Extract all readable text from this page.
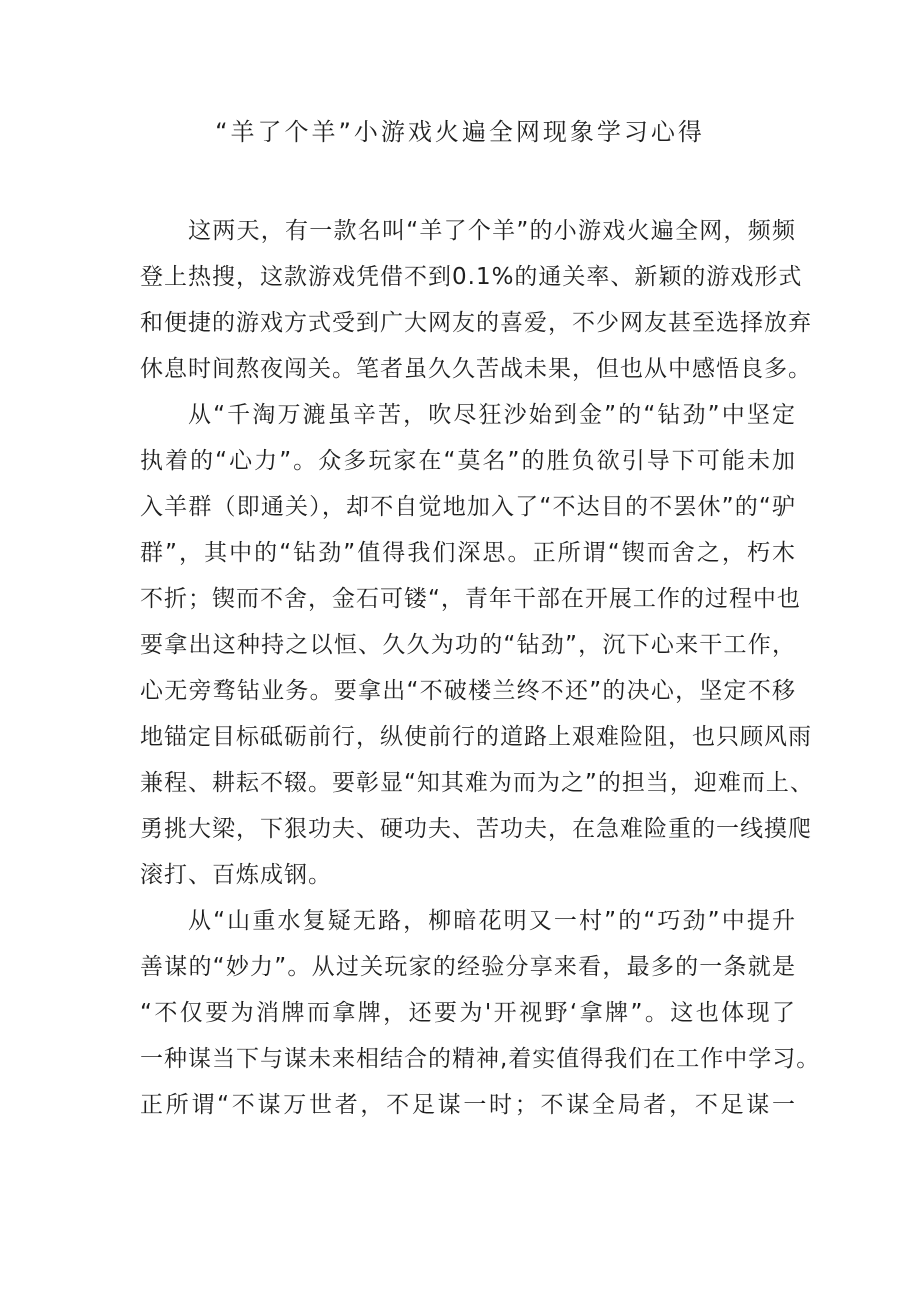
“羊了个羊”小游戏火遍全网现象学习心得
这两天，有一款名叫“羊了个羊”的小游戏火遍全网，频频
登上热搜，这款游戏凭借不到0.1%的通关率、新颖的游戏形式
和便捷的游戏方式受到广大网友的喜爱，不少网友甚至选择放弃
休息时间熬夜闯关。笔者虽久久苦战未果，但也从中感悟良多。
从“千淘万漉虽辛苦，吹尽狂沙始到金”的“钻劲”中坚定
执着的“心力”。众多玩家在“莫名”的胜负欲引导下可能未加
入羊群（即通关），却不自觉地加入了“不达目的不罢休”的“驴
群”，其中的“钻劲”值得我们深思。正所谓“锲而舍之，朽木
不折；锲而不舍，金石可镂“，青年干部在开展工作的过程中也
要拿出这种持之以恒、久久为功的“钻劲”，沉下心来干工作，
心无旁骛钻业务。要拿出“不破楼兰终不还”的决心，坚定不移
地锚定目标砥砺前行，纵使前行的道路上艰难险阻，也只顾风雨
兼程、耕耘不辍。要彰显“知其难为而为之”的担当，迎难而上、
勇挑大梁，下狠功夫、硬功夫、苦功夫，在急难险重的一线摸爬
滚打、百炼成钢。
从“山重水复疑无路，柳暗花明又一村”的“巧劲”中提升
善谋的“妙力”。从过关玩家的经验分享来看，最多的一条就是
“不仅要为消牌而拿牌，还要为'开视野‘拿牌”。这也体现了
一种谋当下与谋未来相结合的精神,着实值得我们在工作中学习。
正所谓“不谋万世者，不足谋一时；不谋全局者，不足谋一
